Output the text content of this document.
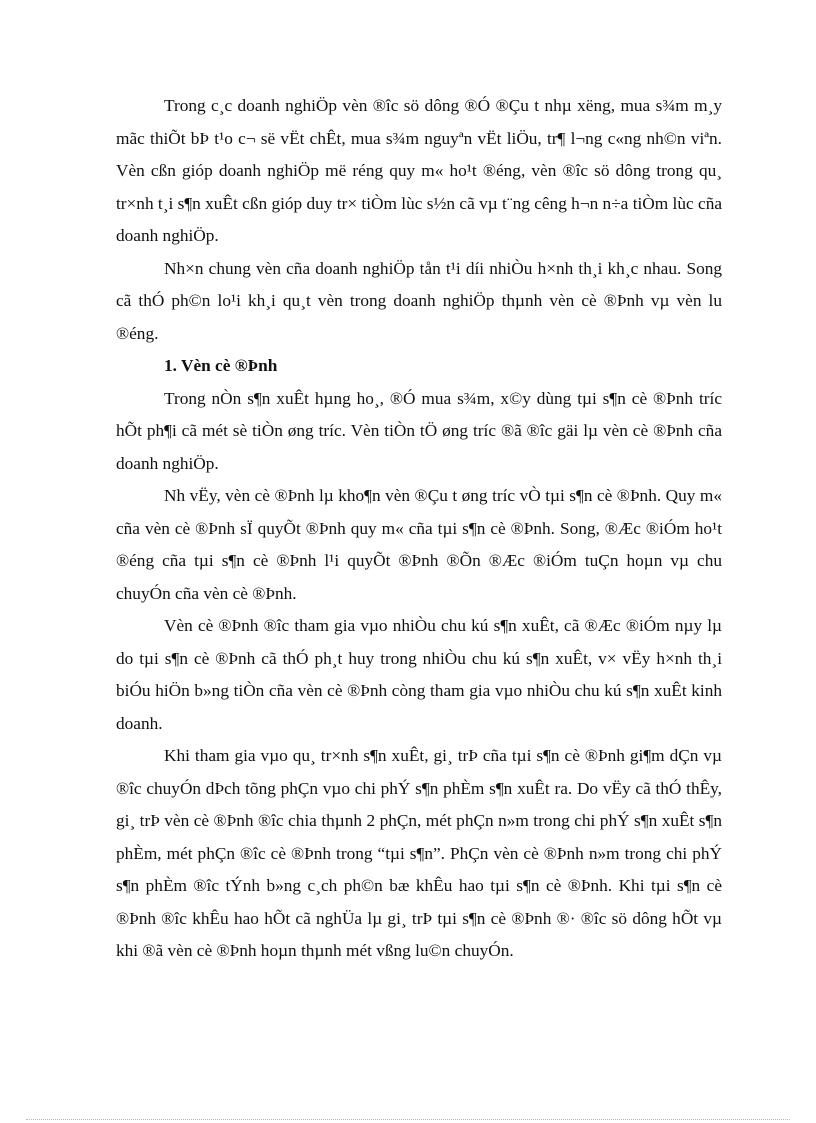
Trong c¸c doanh nghiÖp vèn ®îc sö dông ®Ó ®Çu t nhµ xëng, mua s¾m m¸y mãc thiÕt bÞ t¹o c¬ së vËt chÊt, mua s¾m nguyªn vËt liÖu, tr¶ l¬ng c«ng nh©n viªn. Vèn cßn gióp doanh nghiÖp më réng quy m« ho¹t ®éng, vèn ®îc sö dông trong qu¸ tr×nh t¸i s¶n xuÊt cßn gióp duy tr× tiÒm lùc s½n cã vµ t¨ng cêng h¬n n÷a tiÒm lùc cña doanh nghiÖp.

Nh×n chung vèn cña doanh nghiÖp tån t¹i díi nhiÒu h×nh th¸i kh¸c nhau. Song cã thÓ ph©n lo¹i kh¸i qu¸t vèn trong doanh nghiÖp thµnh vèn cè ®Þnh vµ vèn lu ®éng.

1. Vèn cè ®Þnh

Trong nÒn s¶n xuÊt hµng ho¸, ®Ó mua s¾m, x©y dùng tµi s¶n cè ®Þnh tríc hÕt ph¶i cã mét sè tiÒn øng tríc. Vèn tiÒn tÖ øng tríc ®ã ®îc gäi lµ vèn cè ®Þnh cña doanh nghiÖp.

Nh vËy, vèn cè ®Þnh lµ kho¶n vèn ®Çu t øng tríc vÒ tµi s¶n cè ®Þnh. Quy m« cña vèn cè ®Þnh sÏ quyÕt ®Þnh quy m« cña tµi s¶n cè ®Þnh. Song, ®Æc ®iÓm ho¹t ®éng cña tµi s¶n cè ®Þnh l¹i quyÕt ®Þnh ®Õn ®Æc ®iÓm tuÇn hoµn vµ chu chuyÓn cña vèn cè ®Þnh.

Vèn cè ®Þnh ®îc tham gia vµo nhiÒu chu kú s¶n xuÊt, cã ®Æc ®iÓm nµy lµ do tµi s¶n cè ®Þnh cã thÓ ph¸t huy trong nhiÒu chu kú s¶n xuÊt, v× vËy h×nh th¸i biÓu hiÖn b»ng tiÒn cña vèn cè ®Þnh còng tham gia vµo nhiÒu chu kú s¶n xuÊt kinh doanh.

Khi tham gia vµo qu¸ tr×nh s¶n xuÊt, gi¸ trÞ cña tµi s¶n cè ®Þnh gi¶m dÇn vµ ®îc chuyÓn dÞch tõng phÇn vµo chi phÝ s¶n phÈm s¶n xuÊt ra. Do vËy cã thÓ thÊy, gi¸ trÞ vèn cè ®Þnh ®îc chia thµnh 2 phÇn, mét phÇn n»m trong chi phÝ s¶n xuÊt s¶n phÈm, mét phÇn ®îc cè ®Þnh trong “tµi s¶n”. PhÇn vèn cè ®Þnh n»m trong chi phÝ s¶n phÈm ®îc tÝnh b»ng c¸ch ph©n bæ khÊu hao tµi s¶n cè ®Þnh. Khi tµi s¶n cè ®Þnh ®îc khÊu hao hÕt cã nghÜa lµ gi¸ trÞ tµi s¶n cè ®Þnh ®· ®îc sö dông hÕt vµ khi ®ã vèn cè ®Þnh hoµn thµnh mét vßng lu©n chuyÓn.
